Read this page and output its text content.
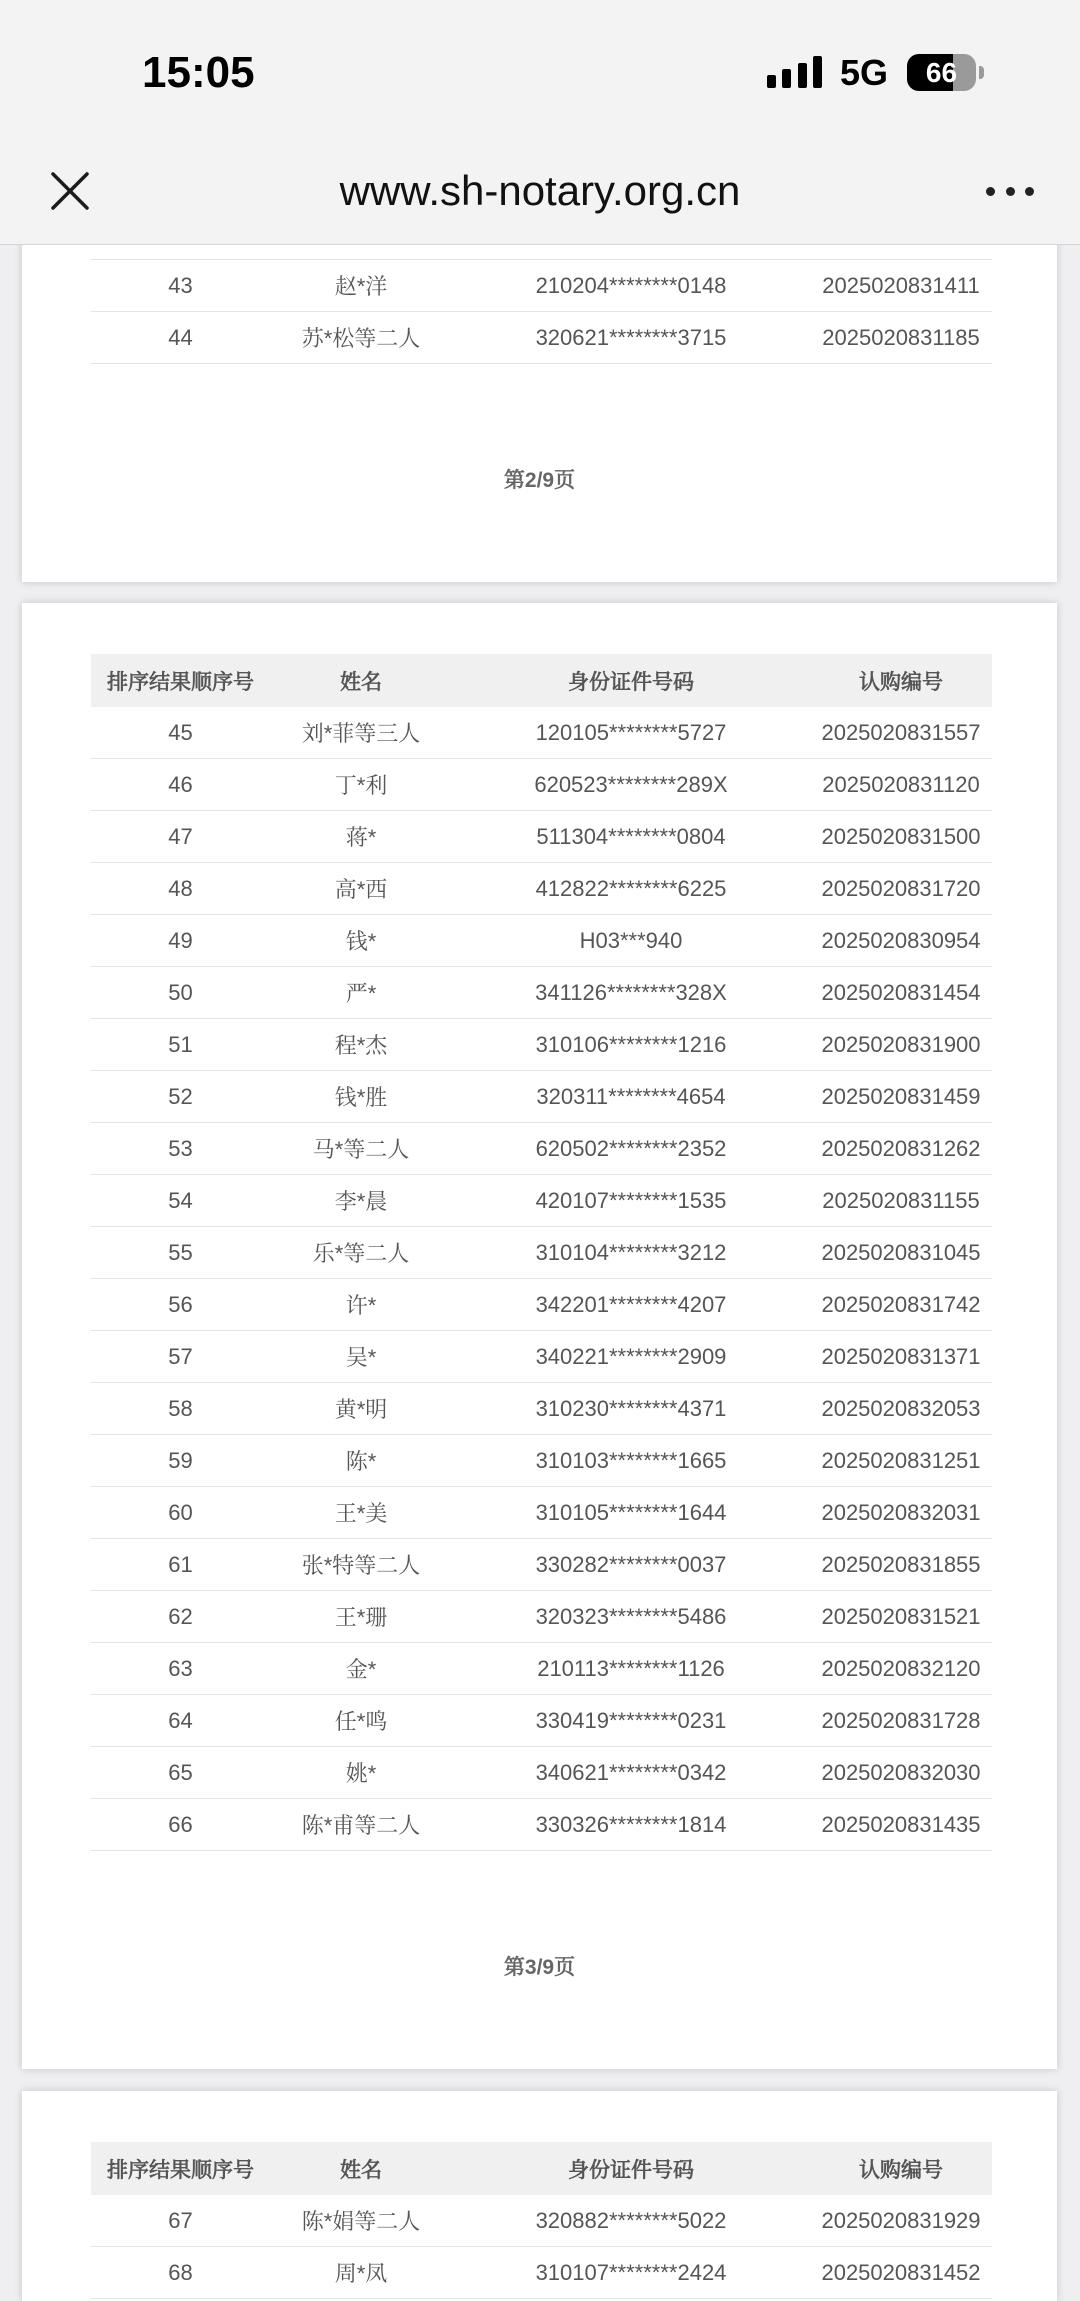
43	赵*洋	210204********0148	2025020831411
44	苏*松等二人	320621********3715	2025020831185
第2/9页
排序结果顺序号	姓名	身份证件号码	认购编号
45	刘*菲等三人	120105********5727	2025020831557
46	丁*利	620523********289X	2025020831120
47	蒋*	511304********0804	2025020831500
48	高*西	412822********6225	2025020831720
49	钱*	H03***940	2025020830954
50	严*	341126********328X	2025020831454
51	程*杰	310106********1216	2025020831900
52	钱*胜	320311********4654	2025020831459
53	马*等二人	620502********2352	2025020831262
54	李*晨	420107********1535	2025020831155
55	乐*等二人	310104********3212	2025020831045
56	许*	342201********4207	2025020831742
57	吴*	340221********2909	2025020831371
58	黄*明	310230********4371	2025020832053
59	陈*	310103********1665	2025020831251
60	王*美	310105********1644	2025020832031
61	张*特等二人	330282********0037	2025020831855
62	王*珊	320323********5486	2025020831521
63	金*	210113********1126	2025020832120
64	任*鸣	330419********0231	2025020831728
65	姚*	340621********0342	2025020832030
66	陈*甫等二人	330326********1814	2025020831435
第3/9页
排序结果顺序号	姓名	身份证件号码	认购编号
67	陈*娟等二人	320882********5022	2025020831929
68	周*凤	310107********2424	2025020831452
15:05	5G	66
www.sh-notary.org.cn
